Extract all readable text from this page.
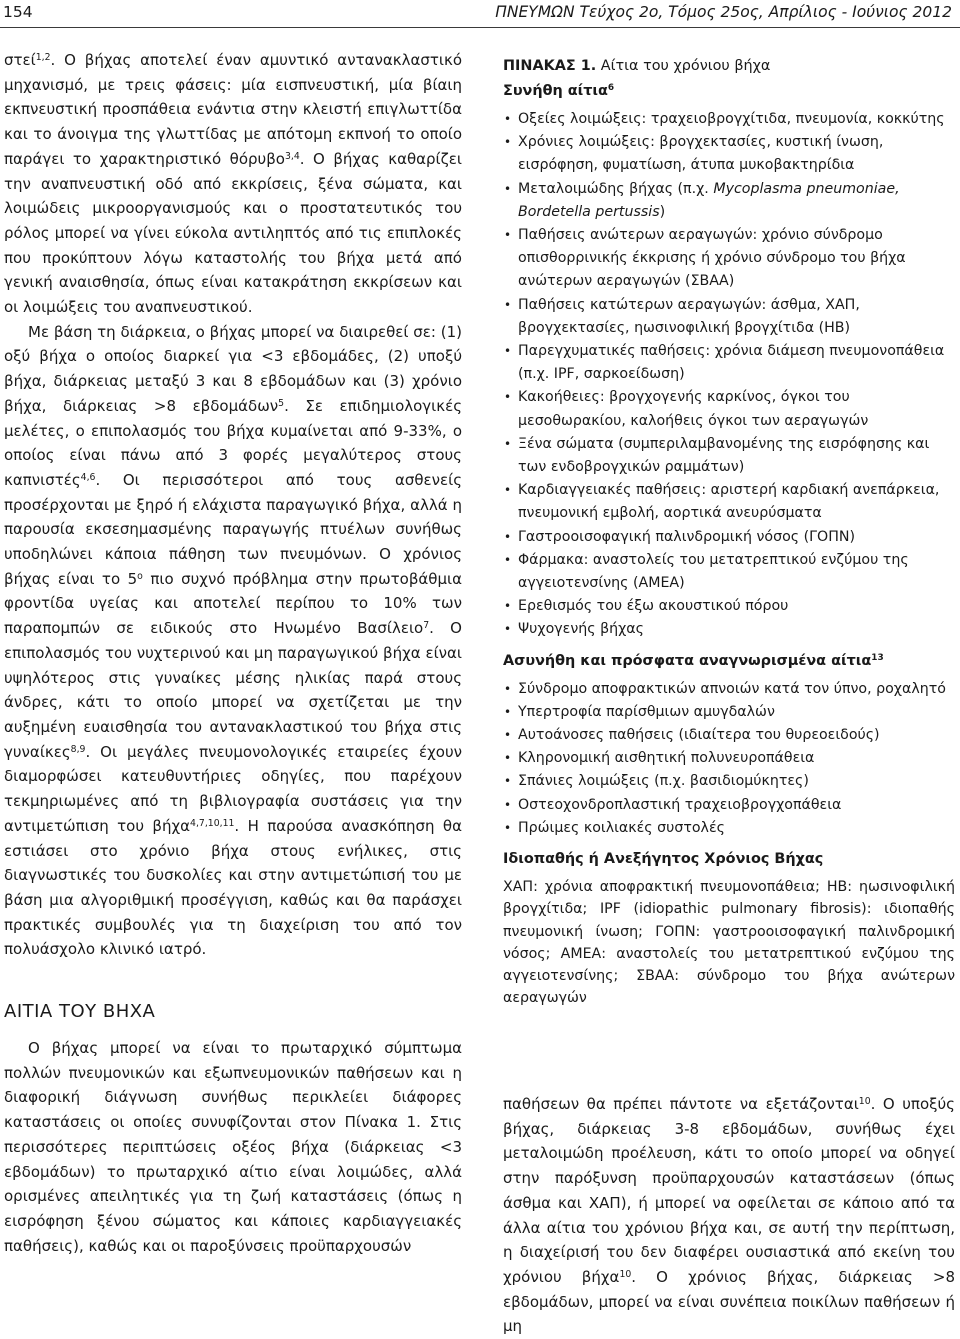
154	ΠΝΕΥΜΩΝ Τεύχος 2ο, Τόμος 25ος, Απρίλιος - Ιούνιος 2012

στεί$^{1,2}$. Ο βήχας αποτελεί έναν αμυντικό αντανακλαστικό μηχανισμό, με τρεις φάσεις: μία εισπνευστική, μία βίαιη εκπνευστική προσπάθεια ενάντια στην κλειστή επιγλωττίδα και το άνοιγμα της γλωττίδας με απότομη εκπνοή το οποίο παράγει το χαρακτηριστικό θόρυβο$^{3,4}$. Ο βήχας καθαρίζει την αναπνευστική οδό από εκκρίσεις, ξένα σώματα, και λοιμώδεις μικροοργανισμούς και ο προστατευτικός του ρόλος μπορεί να γίνει εύκολα αντιληπτός από τις επιπλοκές που προκύπτουν λόγω καταστολής του βήχα μετά από γενική αναισθησία, όπως είναι κατακράτηση εκκρίσεων και οι λοιμώξεις του αναπνευστικού.

Με βάση τη διάρκεια, ο βήχας μπορεί να διαιρεθεί σε: (1) οξύ βήχα ο οποίος διαρκεί για <3 εβδομάδες, (2) υποξύ βήχα, διάρκειας μεταξύ 3 και 8 εβδομάδων και (3) χρόνιο βήχα, διάρκειας >8 εβδομάδων$^5$. Σε επιδημιολογικές μελέτες, ο επιπολασμός του βήχα κυμαίνεται από 9-33%, ο οποίος είναι πάνω από 3 φορές μεγαλύτερος στους καπνιστές$^{4,6}$. Οι περισσότεροι από τους ασθενείς προσέρχονται με ξηρό ή ελάχιστα παραγωγικό βήχα, αλλά η παρουσία εκσεσημασμένης παραγωγής πτυέλων συνήθως υποδηλώνει κάποια πάθηση των πνευμόνων. Ο χρόνιος βήχας είναι το $5^o$ πιο συχνό πρόβλημα στην πρωτοβάθμια φροντίδα υγείας και αποτελεί περίπου το 10% των παραπομπών σε ειδικούς στο Ηνωμένο Βασίλειο$^7$. Ο επιπολασμός του νυχτερινού και μη παραγωγικού βήχα είναι υψηλότερος στις γυναίκες μέσης ηλικίας παρά στους άνδρες, κάτι το οποίο μπορεί να σχετίζεται με την αυξημένη ευαισθησία του αντανακλαστικού του βήχα στις γυναίκες$^{8,9}$. Οι μεγάλες πνευμονολογικές εταιρείες έχουν διαμορφώσει κατευθυντήριες οδηγίες, που παρέχουν τεκμηριωμένες από τη βιβλιογραφία συστάσεις για την αντιμετώπιση του βήχα$^{4,7,10,11}$. Η παρούσα ανασκόπηση θα εστιάσει στο χρόνιο βήχα στους ενήλικες, στις διαγνωστικές του δυσκολίες και στην αντιμετώπισή του με βάση μια αλγοριθμική προσέγγιση, καθώς και θα παράσχει πρακτικές συμβουλές για τη διαχείριση του από τον πολυάσχολο κλινικό ιατρό.

ΑΙΤΙΑ ΤΟΥ ΒΗΧΑ

Ο βήχας μπορεί να είναι το πρωταρχικό σύμπτωμα πολλών πνευμονικών και εξωπνευμονικών παθήσεων και η διαφορική διάγνωση συνήθως περικλείει διάφορες καταστάσεις οι οποίες συνυφίζονται στον Πίνακα 1. Στις περισσότερες περιπτώσεις οξέος βήχα (διάρκειας <3 εβδομάδων) το πρωταρχικό αίτιο είναι λοιμώδες, αλλά ορισμένες απειλητικές για τη ζωή καταστάσεις (όπως η εισρόφηση ξένου σώματος και κάποιες καρδιαγγειακές παθήσεις), καθώς και οι παροξύνσεις προϋπαρχουσών

ΠΙΝΑΚΑΣ 1. Αίτια του χρόνιου βήχα

Συνήθη αίτια$^6$

• Οξείες λοιμώξεις: τραχειοβρογχίτιδα, πνευμονία, κοκκύτης
• Χρόνιες λοιμώξεις: βρογχεκτασίες, κυστική ίνωση, εισρόφηση, φυματίωση, άτυπα μυκοβακτηρίδια
• Μεταλοιμώδης βήχας (π.χ. Mycoplasma pneumoniae, Bordetella pertussis)
• Παθήσεις ανώτερων αεραγωγών: χρόνιο σύνδρομο οπισθορρινικής έκκρισης ή χρόνιο σύνδρομο του βήχα ανώτερων αεραγωγών (ΣΒΑΑ)
• Παθήσεις κατώτερων αεραγωγών: άσθμα, ΧΑΠ, βρογχεκτασίες, ηωσινοφιλική βρογχίτιδα (ΗΒ)
• Παρεγχυματικές παθήσεις: χρόνια διάμεση πνευμονοπάθεια (π.χ. IPF, σαρκοείδωση)
• Κακοήθειες: βρογχογενής καρκίνος, όγκοι του μεσοθωρακίου, καλοήθεις όγκοι των αεραγωγών
• Ξένα σώματα (συμπεριλαμβανομένης της εισρόφησης και των ενδοβρογχικών ραμμάτων)
• Καρδιαγγειακές παθήσεις: αριστερή καρδιακή ανεπάρκεια, πνευμονική εμβολή, αορτικά ανευρύσματα
• Γαστροοισοφαγική παλινδρομική νόσος (ΓΟΠΝ)
• Φάρμακα: αναστολείς του μετατρεπτικού ενζύμου της αγγειοτενσίνης (ΑΜΕΑ)
• Ερεθισμός του έξω ακουστικού πόρου
• Ψυχογενής βήχας

Ασυνήθη και πρόσφατα αναγνωρισμένα αίτια$^{13}$

• Σύνδρομο αποφρακτικών απνοιών κατά τον ύπνο, ροχαλητό
• Υπερτροφία παρίσθμιων αμυγδαλών
• Αυτοάνοσες παθήσεις (ιδιαίτερα του θυρεοειδούς)
• Κληρονομική αισθητική πολυνευροπάθεια
• Σπάνιες λοιμώξεις (π.χ. βασιδιομύκητες)
• Οστεοχονδροπλαστική τραχειοβρογχοπάθεια
• Πρώιμες κοιλιακές συστολές

Ιδιοπαθής ή Ανεξήγητος Χρόνιος Βήχας

ΧΑΠ: χρόνια αποφρακτική πνευμονοπάθεια; HB: ηωσινοφιλική βρογχίτιδα; IPF (idiopathic pulmonary fibrosis): ιδιοπαθής πνευμονική ίνωση; ΓΟΠΝ: γαστροοισοφαγική παλινδρομική νόσος; ΑΜΕΑ: αναστολείς του μετατρεπτικού ενζύμου της αγγειοτενσίνης; ΣΒΑΑ: σύνδρομο του βήχα ανώτερων αεραγωγών

παθήσεων θα πρέπει πάντοτε να εξετάζονται$^{10}$. Ο υποξύς βήχας, διάρκειας 3-8 εβδομάδων, συνήθως έχει μεταλοιμώδη προέλευση, κάτι το οποίο μπορεί να οδηγεί στην παρόξυνση προϋπαρχουσών καταστάσεων (όπως άσθμα και ΧΑΠ), ή μπορεί να οφείλεται σε κάποιο από τα άλλα αίτια του χρόνιου βήχα και, σε αυτή την περίπτωση, η διαχείρισή του δεν διαφέρει ουσιαστικά από εκείνη του χρόνιου βήχα$^{10}$. Ο χρόνιος βήχας, διάρκειας >8 εβδομάδων, μπορεί να είναι συνέπεια ποικίλων παθήσεων ή μη
